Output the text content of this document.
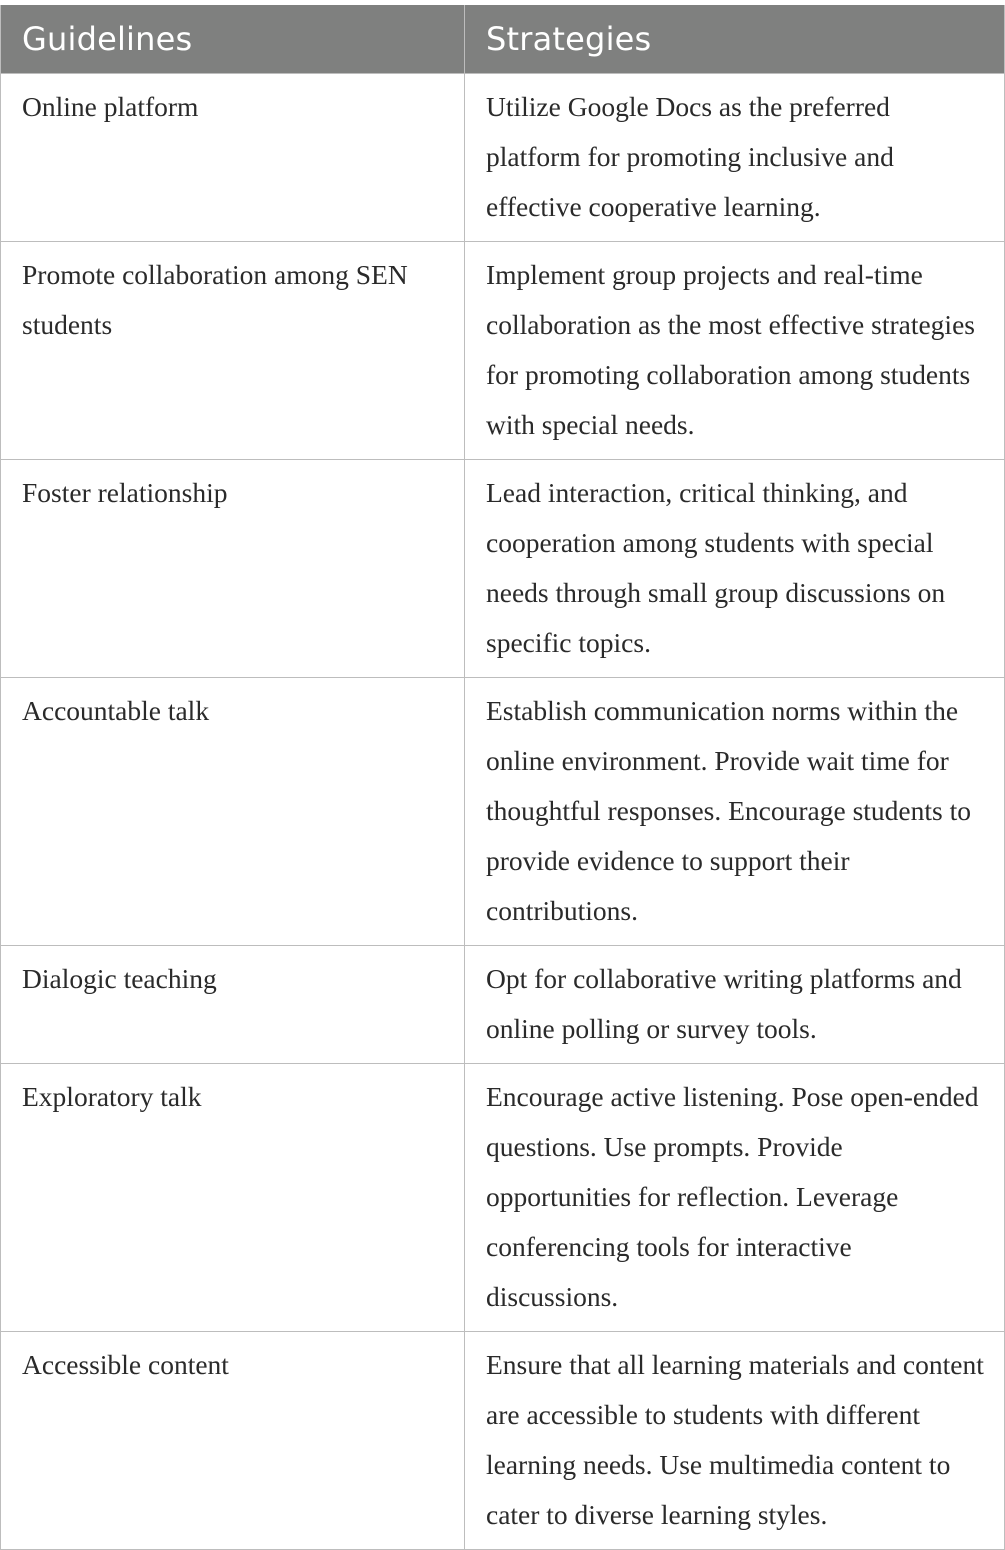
Guidelines	Strategies
Online platform	Utilize Google Docs as the preferred platform for promoting inclusive and effective cooperative learning.
Promote collaboration among SEN students	Implement group projects and real-time collaboration as the most effective strategies for promoting collaboration among students with special needs.
Foster relationship	Lead interaction, critical thinking, and cooperation among students with special needs through small group discussions on specific topics.
Accountable talk	Establish communication norms within the online environment. Provide wait time for thoughtful responses. Encourage students to provide evidence to support their contributions.
Dialogic teaching	Opt for collaborative writing platforms and online polling or survey tools.
Exploratory talk	Encourage active listening. Pose open-ended questions. Use prompts. Provide opportunities for reflection. Leverage conferencing tools for interactive discussions.
Accessible content	Ensure that all learning materials and content are accessible to students with different learning needs. Use multimedia content to cater to diverse learning styles.
